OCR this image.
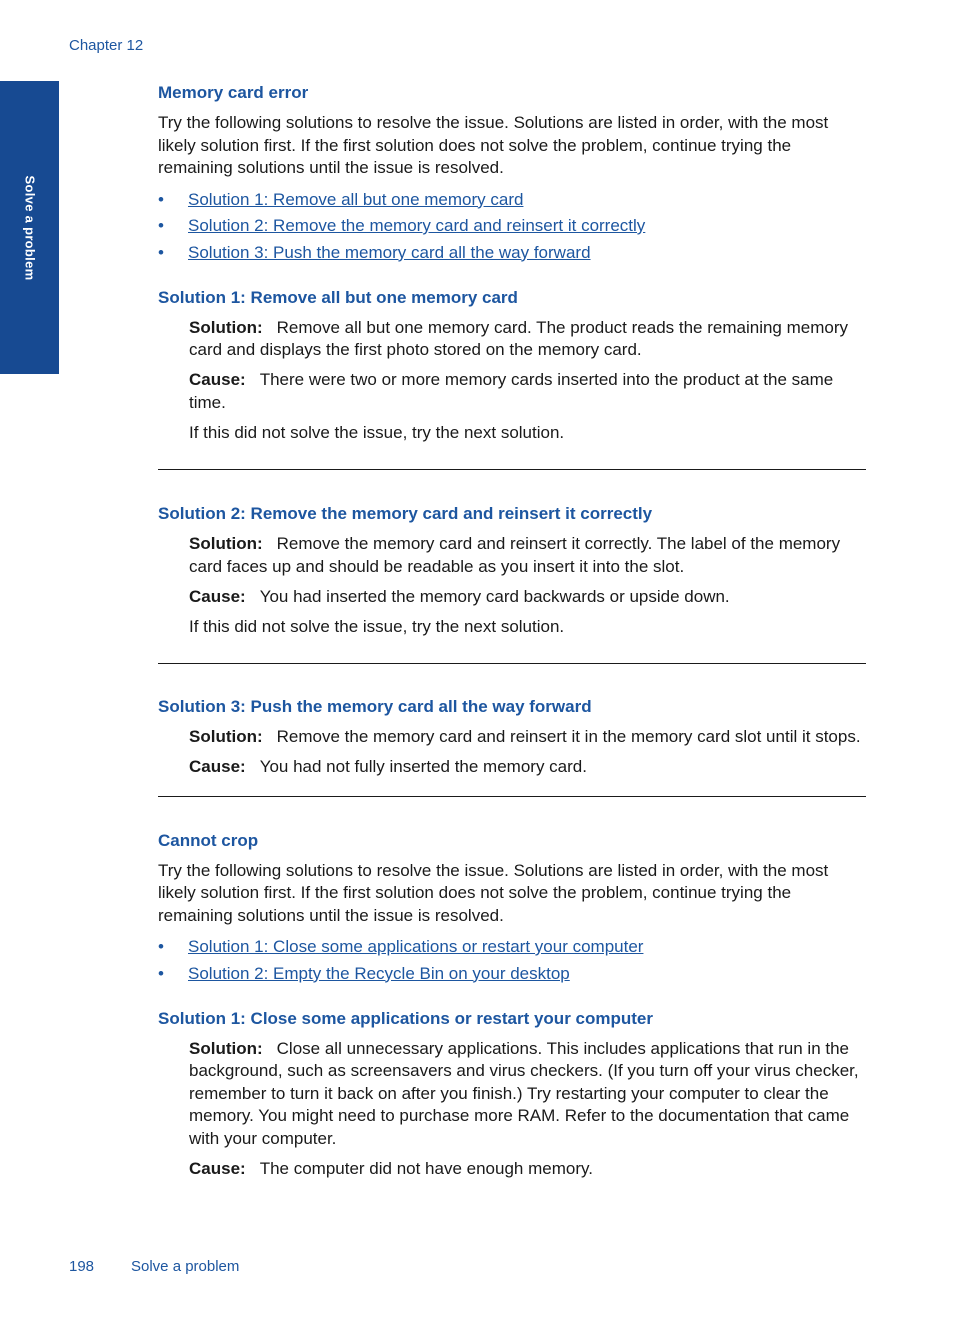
Chapter 12
Solve a problem
Memory card error

Try the following solutions to resolve the issue. Solutions are listed in order, with the most likely solution first. If the first solution does not solve the problem, continue trying the remaining solutions until the issue is resolved.

• Solution 1: Remove all but one memory card
• Solution 2: Remove the memory card and reinsert it correctly
• Solution 3: Push the memory card all the way forward
Solution 1: Remove all but one memory card

Solution: Remove all but one memory card. The product reads the remaining memory card and displays the first photo stored on the memory card.

Cause: There were two or more memory cards inserted into the product at the same time.

If this did not solve the issue, try the next solution.

Solution 2: Remove the memory card and reinsert it correctly

Solution: Remove the memory card and reinsert it correctly. The label of the memory card faces up and should be readable as you insert it into the slot.

Cause: You had inserted the memory card backwards or upside down.

If this did not solve the issue, try the next solution.

Solution 3: Push the memory card all the way forward

Solution: Remove the memory card and reinsert it in the memory card slot until it stops.

Cause: You had not fully inserted the memory card.

Cannot crop

Try the following solutions to resolve the issue. Solutions are listed in order, with the most likely solution first. If the first solution does not solve the problem, continue trying the remaining solutions until the issue is resolved.

• Solution 1: Close some applications or restart your computer
• Solution 2: Empty the Recycle Bin on your desktop
Solution 1: Close some applications or restart your computer

Solution: Close all unnecessary applications. This includes applications that run in the background, such as screensavers and virus checkers. (If you turn off your virus checker, remember to turn it back on after you finish.) Try restarting your computer to clear the memory. You might need to purchase more RAM. Refer to the documentation that came with your computer.

Cause: The computer did not have enough memory.

198 Solve a problem
